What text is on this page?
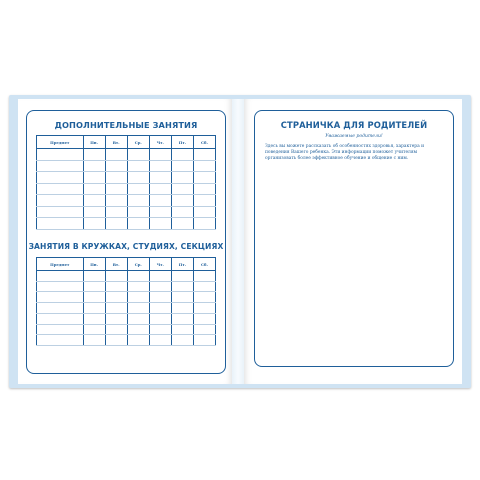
ДОПОЛНИТЕЛЬНЫЕ ЗАНЯТИЯ
Предмет	Пн.	Вт.	Ср.	Чт.	Пт.	Сб.

ЗАНЯТИЯ В КРУЖКАХ, СТУДИЯХ, СЕКЦИЯХ
Предмет	Пн.	Вт.	Ср.	Чт.	Пт.	Сб.

СТРАНИЧКА ДЛЯ РОДИТЕЛЕЙ
Уважаемые родители!
Здесь вы можете рассказать об особенностях здоровья, характера и поведения Вашего ребенка. Эти информации поможет учителям организовать более эффективное обучение и общение с ним.
